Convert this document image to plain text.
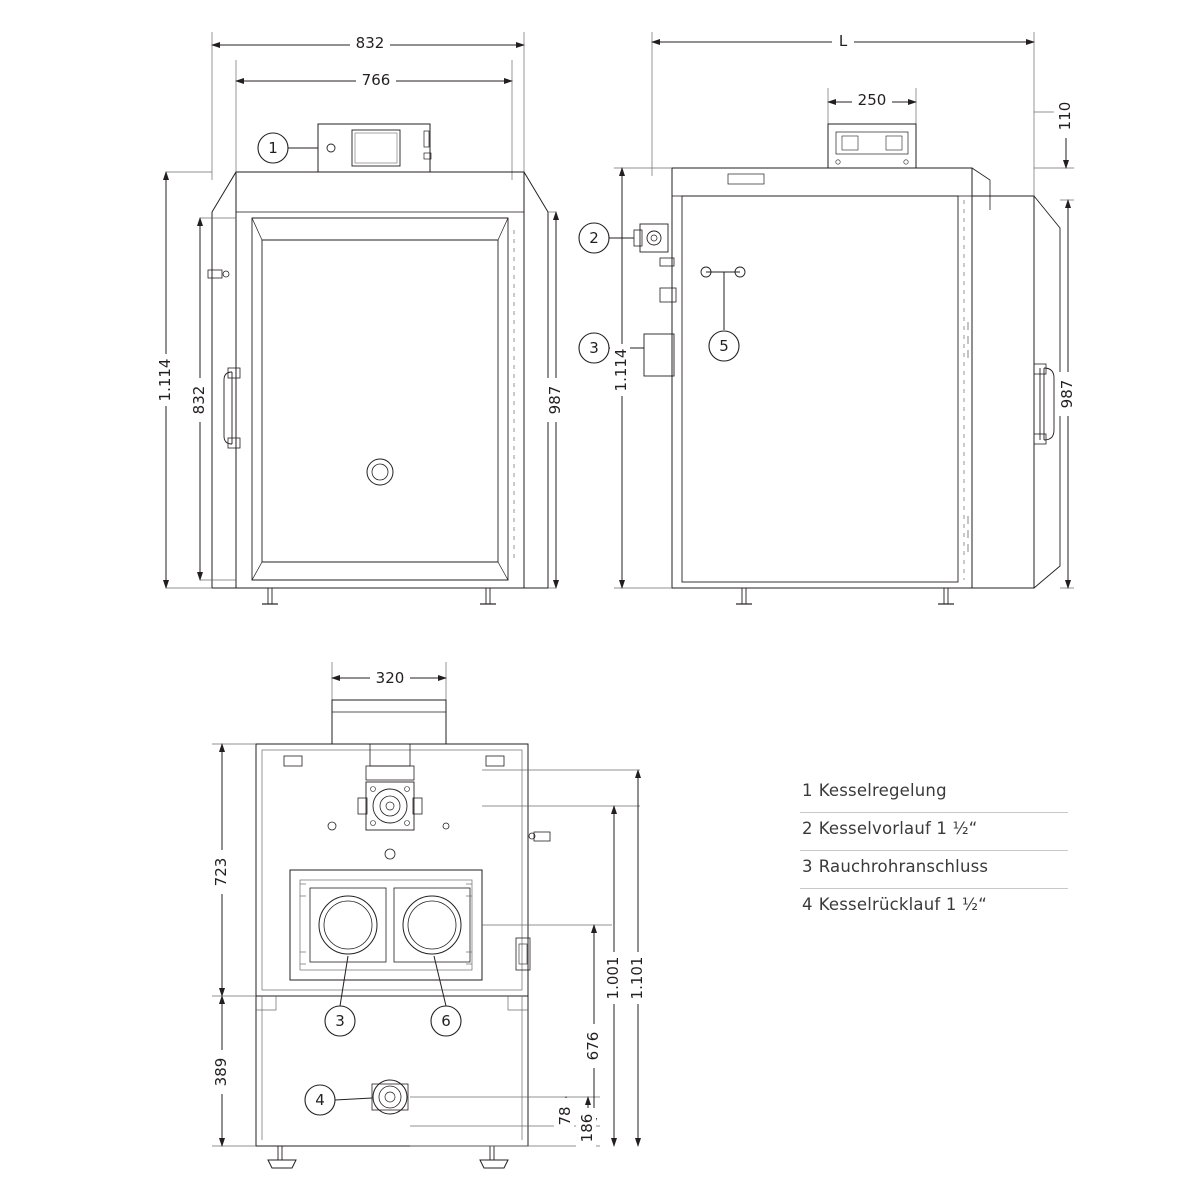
832
766
1.114 832	987
L
250
110
1.114
987
320
723
389
1.001 1.101
676
78 186
1
2
3	5
3	6
4
1 Kesselregelung
2 Kesselvorlauf 1 ½“
3 Rauchrohranschluss
4 Kesselrücklauf 1 ½“
